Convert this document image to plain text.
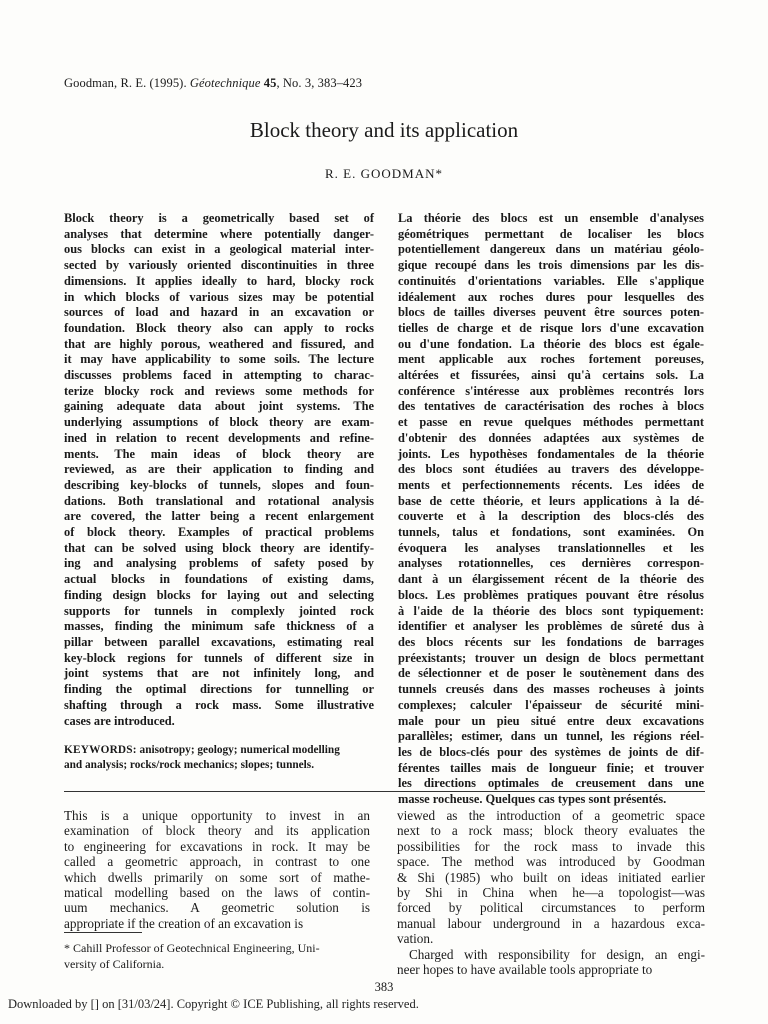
Goodman, R. E. (1995). Géotechnique 45, No. 3, 383–423
Block theory and its application
R. E. GOODMAN*
Block theory is a geometrically based set of
analyses that determine where potentially danger-
ous blocks can exist in a geological material inter-
sected by variously oriented discontinuities in three
dimensions. It applies ideally to hard, blocky rock
in which blocks of various sizes may be potential
sources of load and hazard in an excavation or
foundation. Block theory also can apply to rocks
that are highly porous, weathered and fissured, and
it may have applicability to some soils. The lecture
discusses problems faced in attempting to charac-
terize blocky rock and reviews some methods for
gaining adequate data about joint systems. The
underlying assumptions of block theory are exam-
ined in relation to recent developments and refine-
ments. The main ideas of block theory are
reviewed, as are their application to finding and
describing key-blocks of tunnels, slopes and foun-
dations. Both translational and rotational analysis
are covered, the latter being a recent enlargement
of block theory. Examples of practical problems
that can be solved using block theory are identify-
ing and analysing problems of safety posed by
actual blocks in foundations of existing dams,
finding design blocks for laying out and selecting
supports for tunnels in complexly jointed rock
masses, finding the minimum safe thickness of a
pillar between parallel excavations, estimating real
key-block regions for tunnels of different size in
joint systems that are not infinitely long, and
finding the optimal directions for tunnelling or
shafting through a rock mass. Some illustrative
cases are introduced.
La théorie des blocs est un ensemble d'analyses
géométriques permettant de localiser les blocs
potentiellement dangereux dans un matériau géolo-
gique recoupé dans les trois dimensions par les dis-
continuités d'orientations variables. Elle s'applique
idéalement aux roches dures pour lesquelles des
blocs de tailles diverses peuvent être sources poten-
tielles de charge et de risque lors d'une excavation
ou d'une fondation. La théorie des blocs est égale-
ment applicable aux roches fortement poreuses,
altérées et fissurées, ainsi qu'à certains sols. La
conférence s'intéresse aux problèmes recontrés lors
des tentatives de caractérisation des roches à blocs
et passe en revue quelques méthodes permettant
d'obtenir des données adaptées aux systèmes de
joints. Les hypothèses fondamentales de la théorie
des blocs sont étudiées au travers des développe-
ments et perfectionnements récents. Les idées de
base de cette théorie, et leurs applications à la dé-
couverte et à la description des blocs-clés des
tunnels, talus et fondations, sont examinées. On
évoquera les analyses translationnelles et les
analyses rotationnelles, ces dernières correspon-
dant à un élargissement récent de la théorie des
blocs. Les problèmes pratiques pouvant être résolus
à l'aide de la théorie des blocs sont typiquement:
identifier et analyser les problèmes de sûreté dus à
des blocs récents sur les fondations de barrages
préexistants; trouver un design de blocs permettant
de sélectionner et de poser le soutènement dans des
tunnels creusés dans des masses rocheuses à joints
complexes; calculer l'épaisseur de sécurité mini-
male pour un pieu situé entre deux excavations
parallèles; estimer, dans un tunnel, les régions réel-
les de blocs-clés pour des systèmes de joints de dif-
férentes tailles mais de longueur finie; et trouver
les directions optimales de creusement dans une
masse rocheuse. Quelques cas types sont présentés.
KEYWORDS: anisotropy; geology; numerical modelling
and analysis; rocks/rock mechanics; slopes; tunnels.
This is a unique opportunity to invest in an
examination of block theory and its application
to engineering for excavations in rock. It may be
called a geometric approach, in contrast to one
which dwells primarily on some sort of mathe-
matical modelling based on the laws of contin-
uum mechanics. A geometric solution is
appropriate if the creation of an excavation is
viewed as the introduction of a geometric space
next to a rock mass; block theory evaluates the
possibilities for the rock mass to invade this
space. The method was introduced by Goodman
& Shi (1985) who built on ideas initiated earlier
by Shi in China when he—a topologist—was
forced by political circumstances to perform
manual labour underground in a hazardous exca-
vation.
Charged with responsibility for design, an engi-
neer hopes to have available tools appropriate to
* Cahill Professor of Geotechnical Engineering, Uni-
versity of California.
383
Downloaded by [] on [31/03/24]. Copyright © ICE Publishing, all rights reserved.
